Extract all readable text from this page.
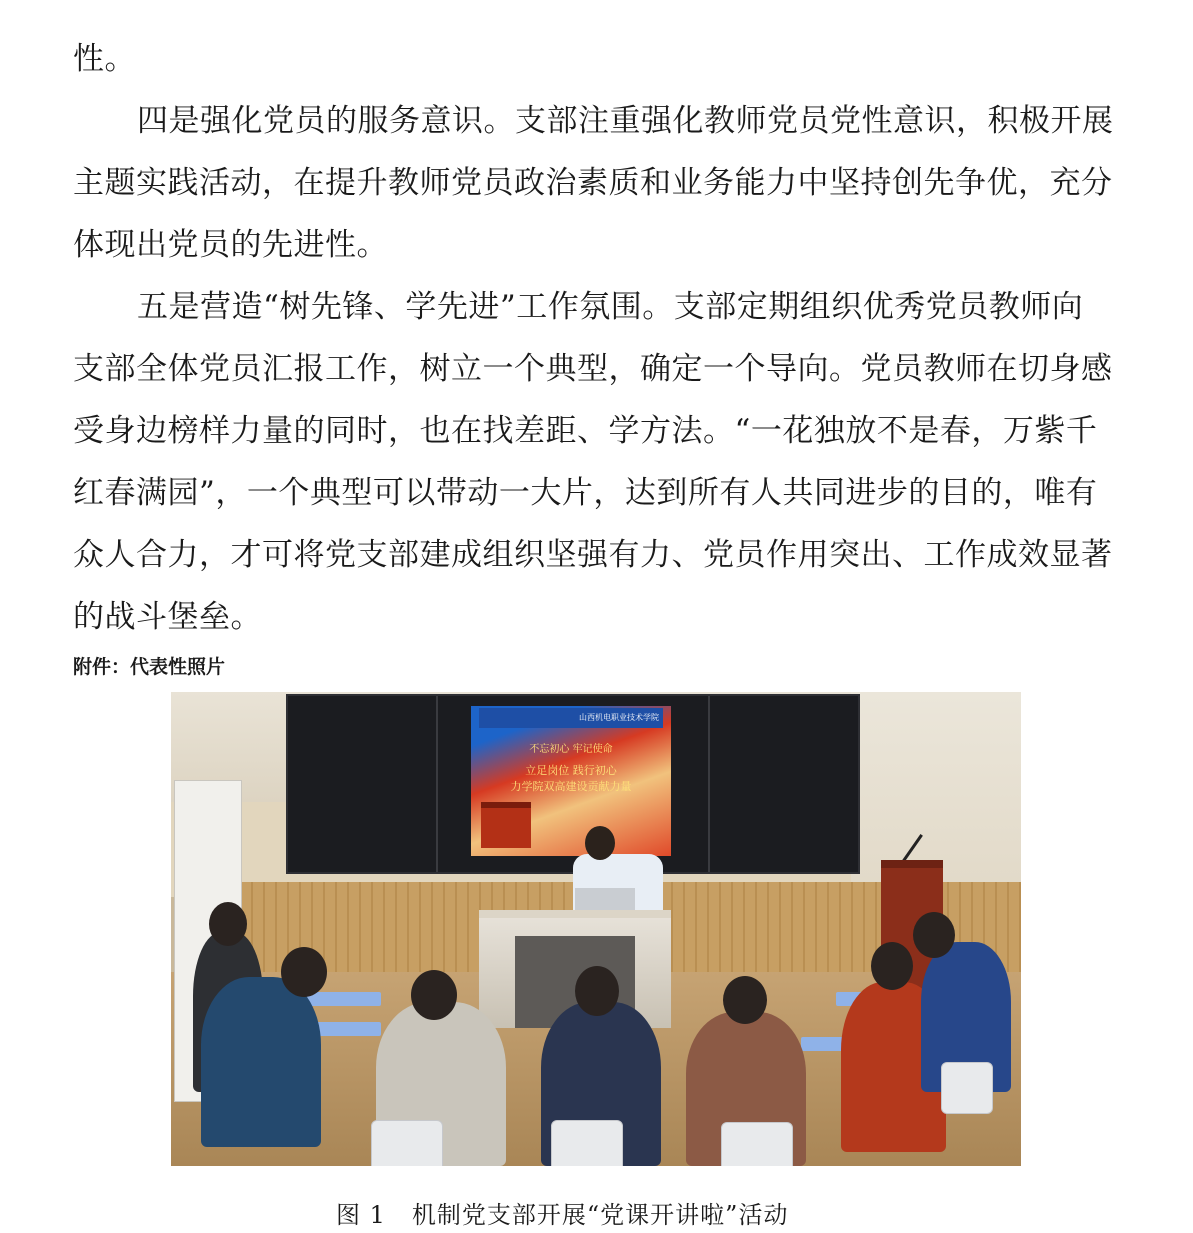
性。
四是强化党员的服务意识。支部注重强化教师党员党性意识，积极开展
主题实践活动，在提升教师党员政治素质和业务能力中坚持创先争优，充分
体现出党员的先进性。
五是营造“树先锋、学先进”工作氛围。支部定期组织优秀党员教师向
支部全体党员汇报工作，树立一个典型，确定一个导向。党员教师在切身感
受身边榜样力量的同时，也在找差距、学方法。“一花独放不是春，万紫千
红春满园”，一个典型可以带动一大片，达到所有人共同进步的目的，唯有
众人合力，才可将党支部建成组织坚强有力、党员作用突出、工作成效显著
的战斗堡垒。
附件：代表性照片
山西机电职业技术学院
不忘初心 牢记使命
立足岗位 践行初心
力学院双高建设贡献力量
图 1 机制党支部开展“党课开讲啦”活动
